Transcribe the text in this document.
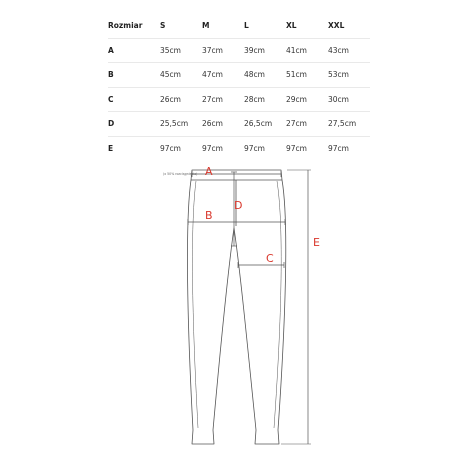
Rozmiar	S	M	L	XL	XXL
A	35cm	37cm	39cm	41cm	43cm
B	45cm	47cm	48cm	51cm	53cm
C	26cm	27cm	28cm	29cm	30cm
D	25,5cm	26cm	26,5cm	27cm	27,5cm
E	97cm	97cm	97cm	97cm	97cm
A
B
C
D
E
(x 50% rozciągnięcia)
